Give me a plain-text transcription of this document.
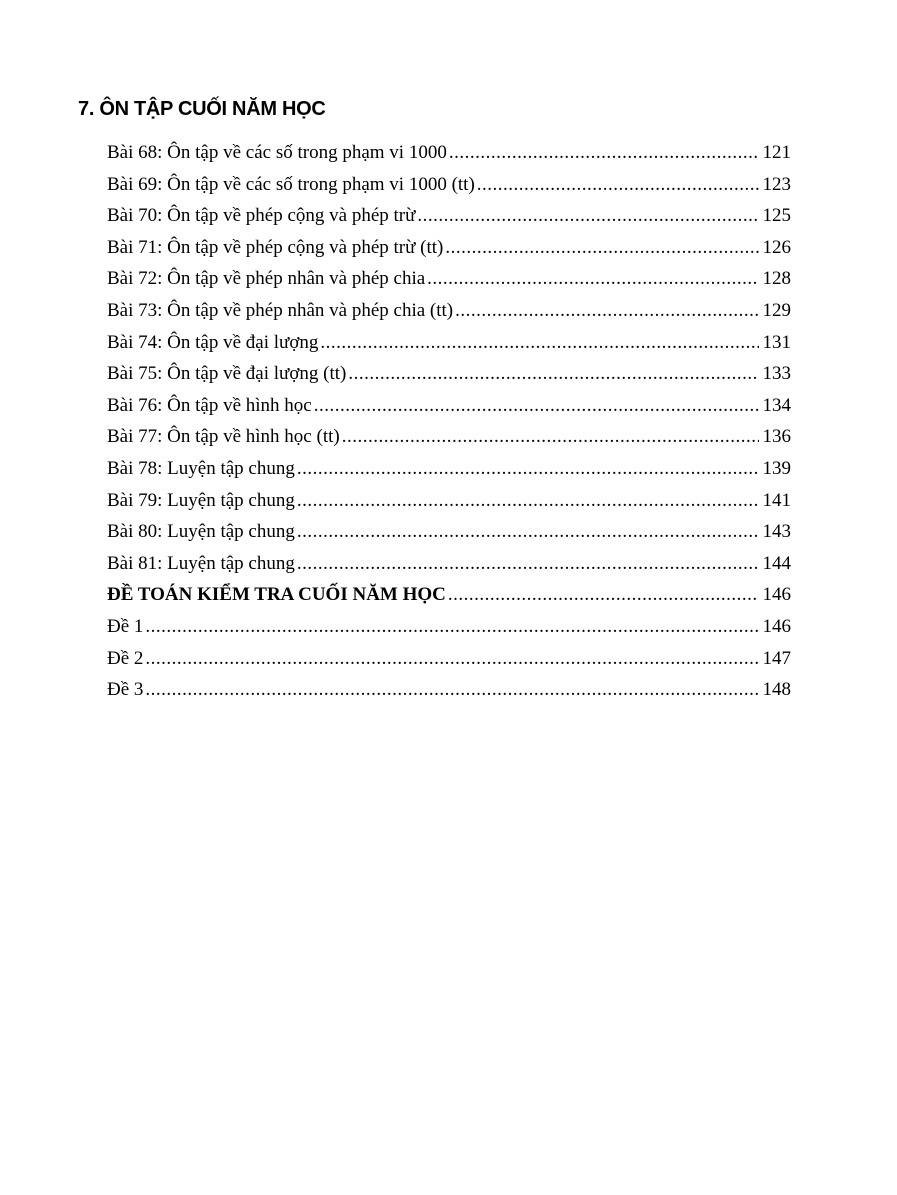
7. ÔN TẬP CUỐI NĂM HỌC
Bài 68: Ôn tập về các số trong phạm vi 1000 .....	121
Bài 69: Ôn tập về các số trong phạm vi 1000 (tt) .....	123
Bài 70: Ôn tập về phép cộng và phép trừ .....	125
Bài 71: Ôn tập về phép cộng và phép trừ (tt) .....	126
Bài 72: Ôn tập về phép nhân và phép chia .....	128
Bài 73: Ôn tập về phép nhân và phép chia (tt) .....	129
Bài 74: Ôn tập về đại lượng .....	131
Bài 75: Ôn tập về đại lượng (tt) .....	133
Bài 76: Ôn tập về hình học .....	134
Bài 77: Ôn tập về hình học (tt) .....	136
Bài 78: Luyện tập chung .....	139
Bài 79: Luyện tập chung .....	141
Bài 80: Luyện tập chung .....	143
Bài 81: Luyện tập chung .....	144
ĐỀ TOÁN KIỂM TRA CUỐI NĂM HỌC .....	146
Đề 1 .....	146
Đề 2 .....	147
Đề 3 .....	148
